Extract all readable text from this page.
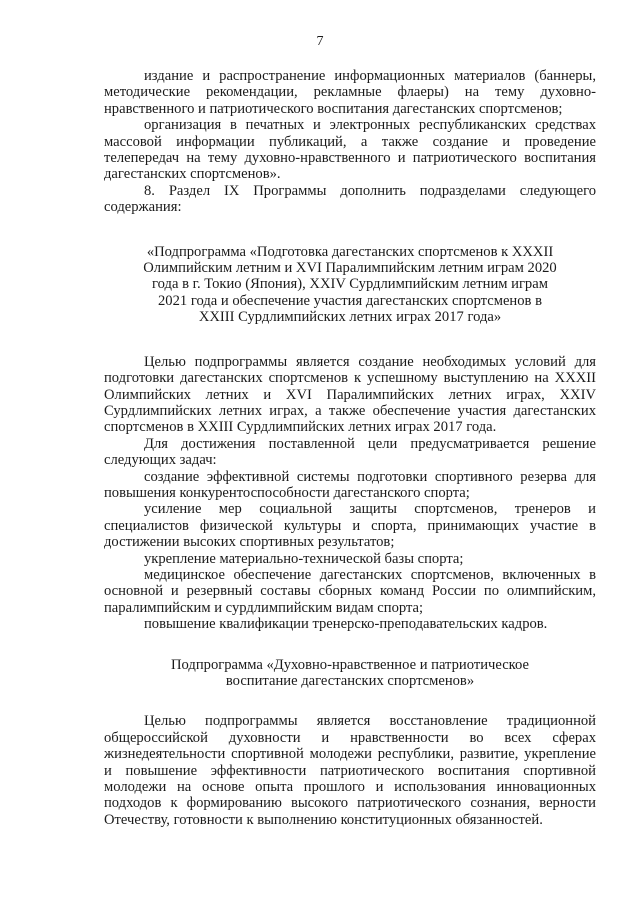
7

издание и распространение информационных материалов (баннеры, методические рекомендации, рекламные флаеры) на тему духовно-нравственного и патриотического воспитания дагестанских спортсменов;

организация в печатных и электронных республиканских средствах массовой информации публикаций, а также создание и проведение телепередач на тему духовно-нравственного и патриотического воспитания дагестанских спортсменов».

8. Раздел IX Программы дополнить подразделами следующего содержания:

«Подпрограмма «Подготовка дагестанских спортсменов к XXXII Олимпийским летним и XVI Паралимпийским летним играм 2020 года в г. Токио (Япония), XXIV Сурдлимпийским летним играм 2021 года и обеспечение участия дагестанских спортсменов в XXIII Сурдлимпийских летних играх 2017 года»

Целью подпрограммы является создание необходимых условий для подготовки дагестанских спортсменов к успешному выступлению на XXXII Олимпийских летних и XVI Паралимпийских летних играх, XXIV Сурдлимпийских летних играх, а также обеспечение участия дагестанских спортсменов в XXIII Сурдлимпийских летних играх 2017 года.

Для достижения поставленной цели предусматривается решение следующих задач:

создание эффективной системы подготовки спортивного резерва для повышения конкурентоспособности дагестанского спорта;

усиление мер социальной защиты спортсменов, тренеров и специалистов физической культуры и спорта, принимающих участие в достижении высоких спортивных результатов;

укрепление материально-технической базы спорта;

медицинское обеспечение дагестанских спортсменов, включенных в основной и резервный составы сборных команд России по олимпийским, паралимпийским и сурдлимпийским видам спорта;

повышение квалификации тренерско-преподавательских кадров.

Подпрограмма «Духовно-нравственное и патриотическое воспитание дагестанских спортсменов»

Целью подпрограммы является восстановление традиционной общероссийской духовности и нравственности во всех сферах жизнедеятельности спортивной молодежи республики, развитие, укрепление и повышение эффективности патриотического воспитания спортивной молодежи на основе опыта прошлого и использования инновационных подходов к формированию высокого патриотического сознания, верности Отечеству, готовности к выполнению конституционных обязанностей.
